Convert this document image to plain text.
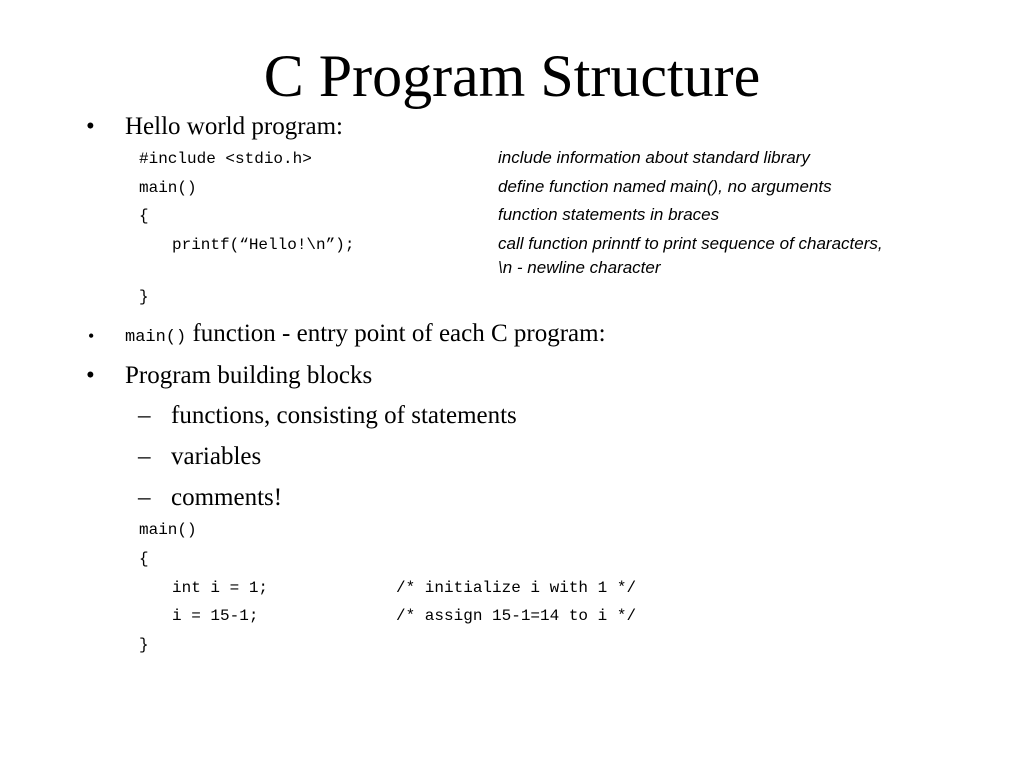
C Program Structure
• Hello world program:
#include <stdio.h>	include information about standard library
main()	define function named main(), no arguments
{	function statements in braces
printf(“Hello!\n”);	call function prinntf to print sequence of characters, \n - newline character
}
• main() function - entry point of each C program:
• Program building blocks
– functions, consisting of statements
– variables
– comments!
main()
{
int i = 1;	/* initialize i with 1 */
i = 15-1;	/* assign 15-1=14 to i */
}
